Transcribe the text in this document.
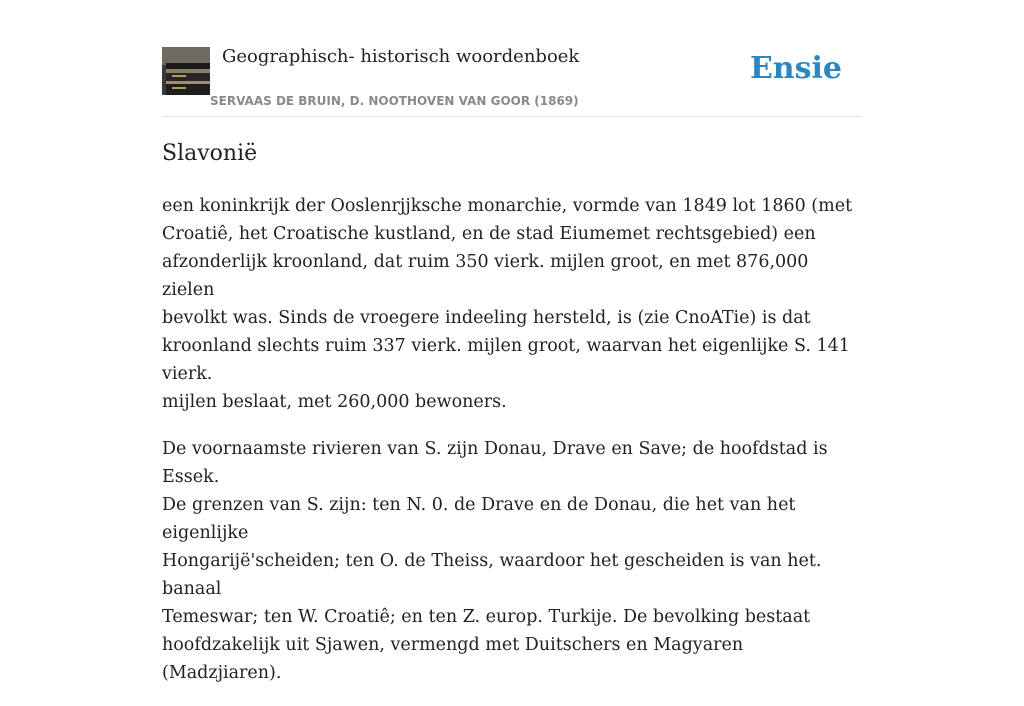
Geographisch- historisch woordenboek
SERVAAS DE BRUIN, D. NOOTHOVEN VAN GOOR (1869)
Ensie
Slavonië

een koninkrijk der Ooslenrjjksche monarchie, vormde van 1849 lot 1860 (met
Croatiê, het Croatische kustland, en de stad Eiumemet rechtsgebied) een
afzonderlijk kroonland, dat ruim 350 vierk. mijlen groot, en met 876,000 zielen
bevolkt was. Sinds de vroegere indeeling hersteld, is (zie CnoATie) is dat
kroonland slechts ruim 337 vierk. mijlen groot, waarvan het eigenlijke S. 141 vierk.
mijlen beslaat, met 260,000 bewoners.

De voornaamste rivieren van S. zijn Donau, Drave en Save; de hoofdstad is Essek.
De grenzen van S. zijn: ten N. 0. de Drave en de Donau, die het van het eigenlijke
Hongarijë'scheiden; ten O. de Theiss, waardoor het gescheiden is van het. banaal
Temeswar; ten W. Croatiê; en ten Z. europ. Turkije. De bevolking bestaat
hoofdzakelijk uit Sjawen, vermengd met Duitschers en Magyaren (Madzjiaren).
